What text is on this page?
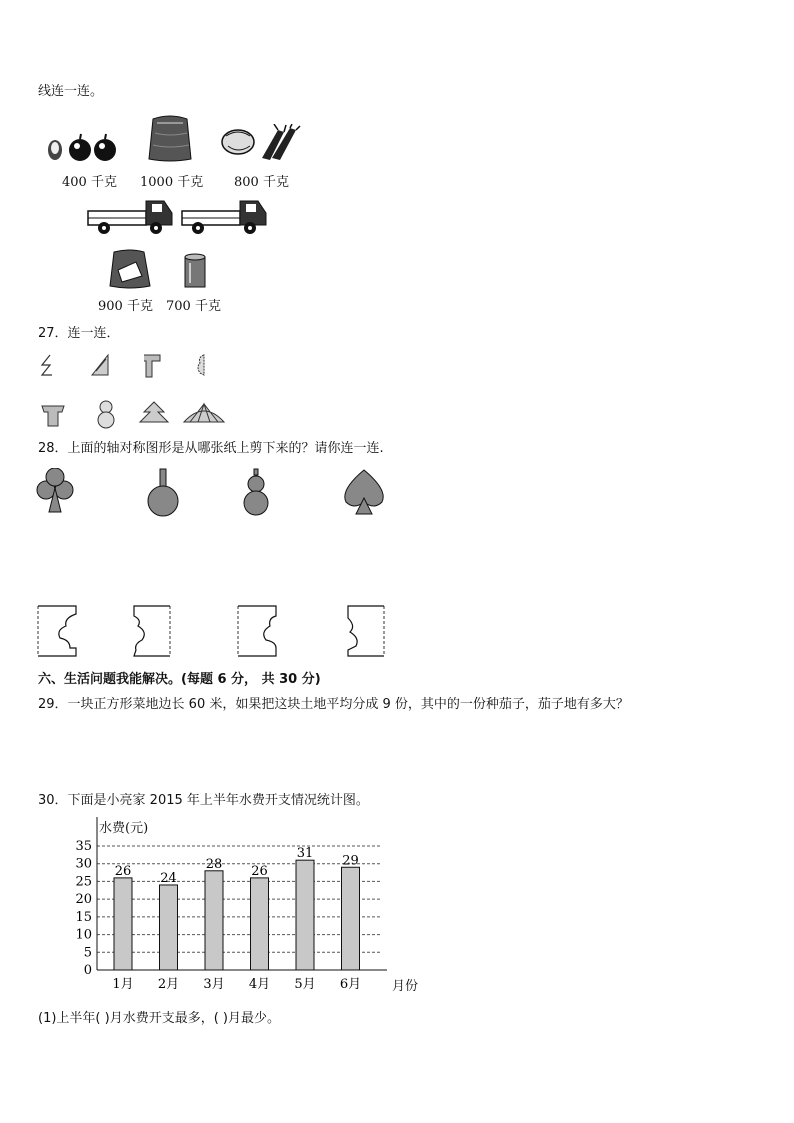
线连一连。
400 千克 1000 千克 800 千克
900 千克 700 千克
27．连一连．
28．上面的轴对称图形是从哪张纸上剪下来的？请你连一连.
六、生活问题我能解决。(每题 6 分， 共 30 分)
29．一块正方形菜地边长 60 米，如果把这块土地平均分成 9 份，其中的一份种茄子，茄子地有多大？
30．下面是小亮家 2015 年上半年水费开支情况统计图。
0
5
10
15
20
25
30
35
26 24
28 26
31 29
1月 2月 3月 4月 5月 6月
水费(元)
月份
(1)上半年( )月水费开支最多，( )月最少。
